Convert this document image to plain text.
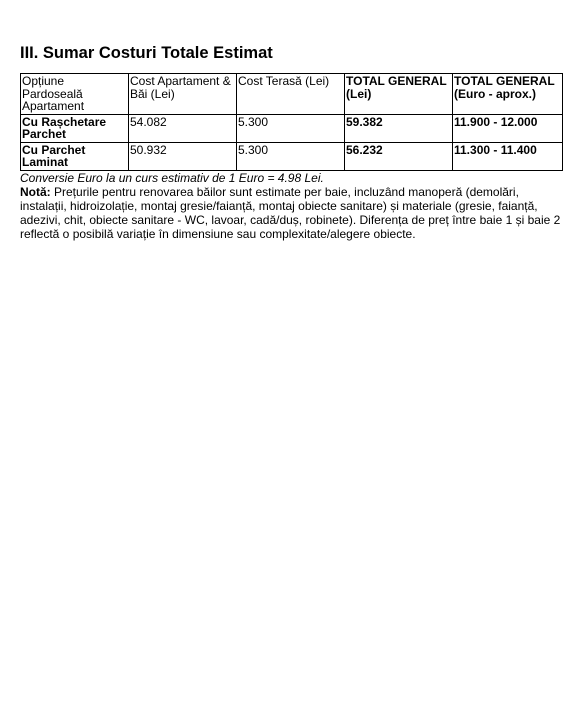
III. Sumar Costuri Totale Estimat
Opțiune Pardoseală Apartament	Cost Apartament & Băi (Lei)	Cost Terasă (Lei)	TOTAL GENERAL (Lei)	TOTAL GENERAL (Euro - aprox.)
Cu Rașchetare Parchet	54.082	5.300	59.382	11.900 - 12.000
Cu Parchet Laminat	50.932	5.300	56.232	11.300 - 11.400
Conversie Euro la un curs estimativ de 1 Euro = 4.98 Lei.

Notă: Prețurile pentru renovarea băilor sunt estimate per baie, incluzând manoperă (demolări, instalații, hidroizolație, montaj gresie/faianță, montaj obiecte sanitare) și materiale (gresie, faianță, adezivi, chit, obiecte sanitare - WC, lavoar, cadă/duș, robinete). Diferența de preț între baie 1 și baie 2 reflectă o posibilă variație în dimensiune sau complexitate/alegere obiecte.
